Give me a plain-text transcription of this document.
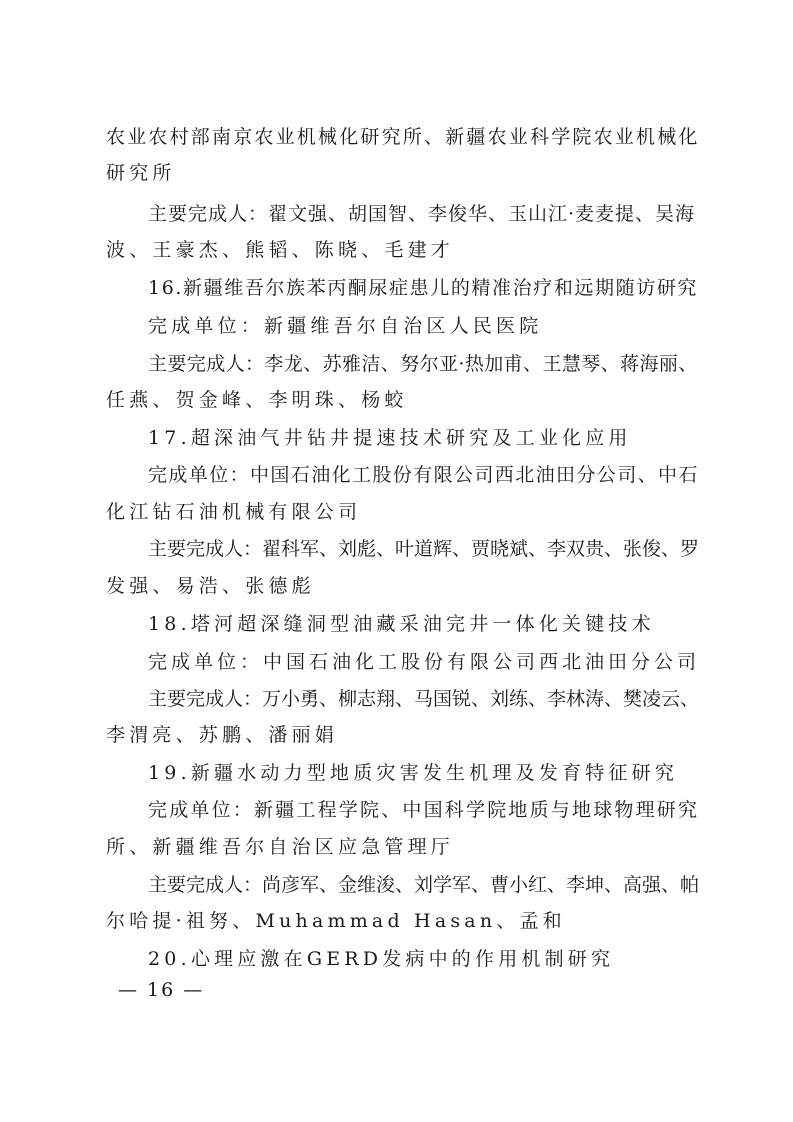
农业农村部南京农业机械化研究所、新疆农业科学院农业机械化
研究所
主要完成人：翟文强、胡国智、李俊华、玉山江·麦麦提、吴海
波、王豪杰、熊韬、陈晓、毛建才
16.新疆维吾尔族苯丙酮尿症患儿的精准治疗和远期随访研究
完成单位：新疆维吾尔自治区人民医院
主要完成人：李龙、苏雅洁、努尔亚·热加甫、王慧琴、蒋海丽、
任燕、贺金峰、李明珠、杨蛟
17.超深油气井钻井提速技术研究及工业化应用
完成单位：中国石油化工股份有限公司西北油田分公司、中石
化江钻石油机械有限公司
主要完成人：翟科军、刘彪、叶道辉、贾晓斌、李双贵、张俊、罗
发强、易浩、张德彪
18.塔河超深缝洞型油藏采油完井一体化关键技术
完成单位：中国石油化工股份有限公司西北油田分公司
主要完成人：万小勇、柳志翔、马国锐、刘练、李林涛、樊凌云、
李渭亮、苏鹏、潘丽娟
19.新疆水动力型地质灾害发生机理及发育特征研究
完成单位：新疆工程学院、中国科学院地质与地球物理研究
所、新疆维吾尔自治区应急管理厅
主要完成人：尚彦军、金维浚、刘学军、曹小红、李坤、高强、帕
尔哈提·祖努、Muhammad Hasan、孟和
20.心理应激在GERD发病中的作用机制研究
— 16 —
